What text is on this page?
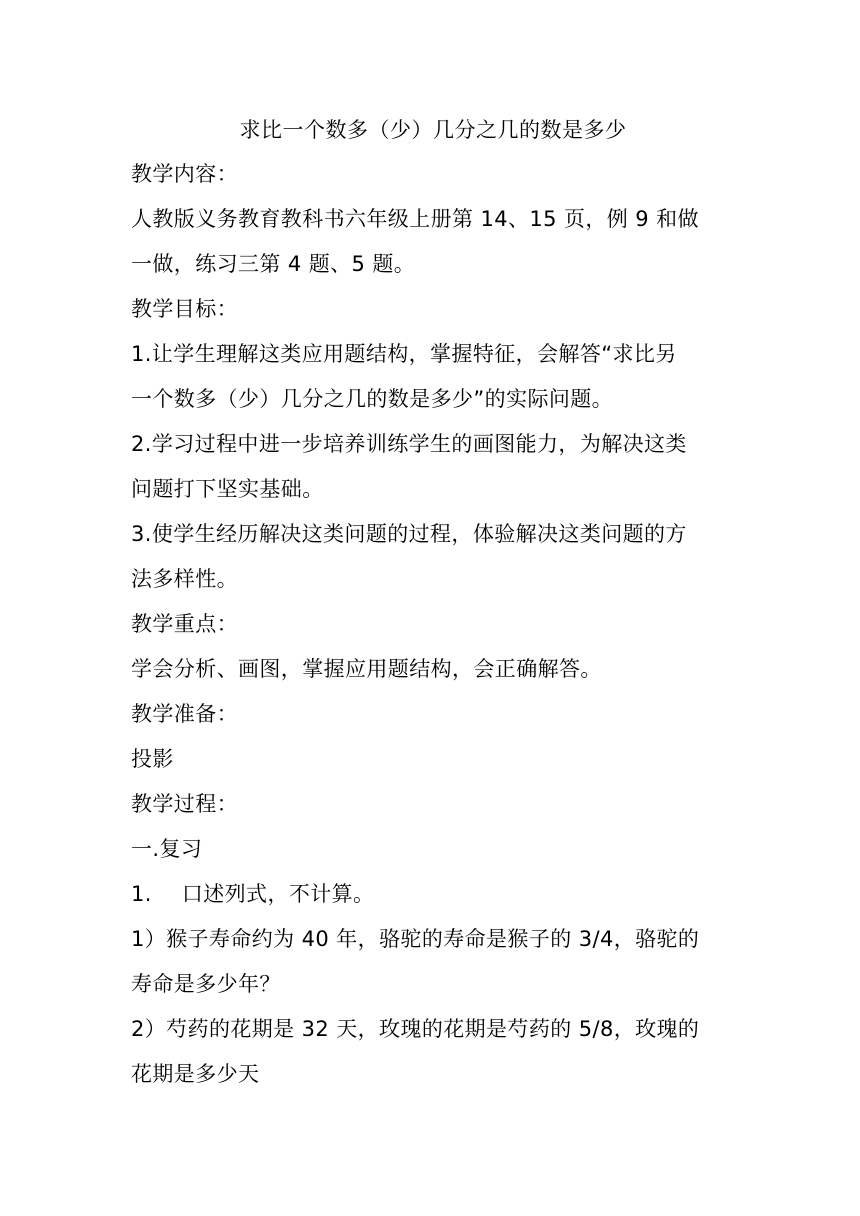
求比一个数多（少）几分之几的数是多少
教学内容：
人教版义务教育教科书六年级上册第 14、15 页，例 9 和做
一做，练习三第 4 题、5 题。
教学目标：
1.让学生理解这类应用题结构，掌握特征，会解答“求比另
一个数多（少）几分之几的数是多少”的实际问题。
2.学习过程中进一步培养训练学生的画图能力，为解决这类
问题打下坚实基础。
3.使学生经历解决这类问题的过程，体验解决这类问题的方
法多样性。
教学重点：
学会分析、画图，掌握应用题结构，会正确解答。
教学准备：
投影
教学过程：
一.复习
1. 口述列式，不计算。
1）猴子寿命约为 40 年，骆驼的寿命是猴子的 3/4，骆驼的
寿命是多少年？
2）芍药的花期是 32 天，玫瑰的花期是芍药的 5/8，玫瑰的
花期是多少天
